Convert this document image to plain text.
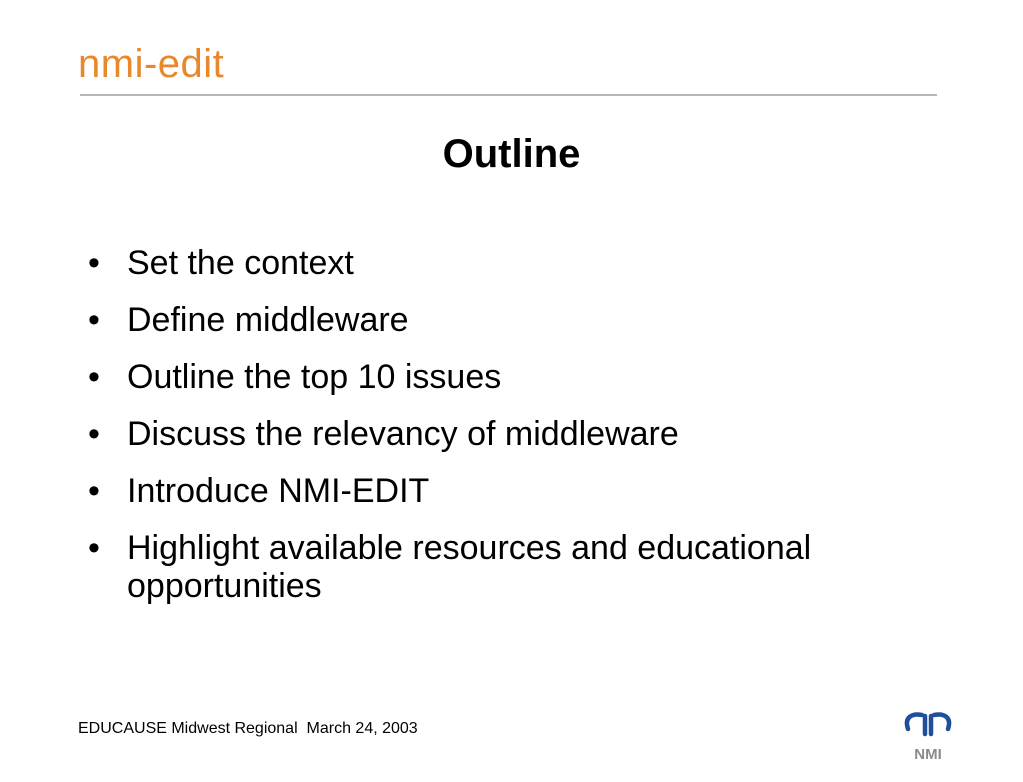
nmi-edit
Outline
• Set the context
• Define middleware
• Outline the top 10 issues
• Discuss the relevancy of middleware
• Introduce NMI-EDIT
• Highlight available resources and educational opportunities
EDUCAUSE Midwest Regional  March 24, 2003
NMI
